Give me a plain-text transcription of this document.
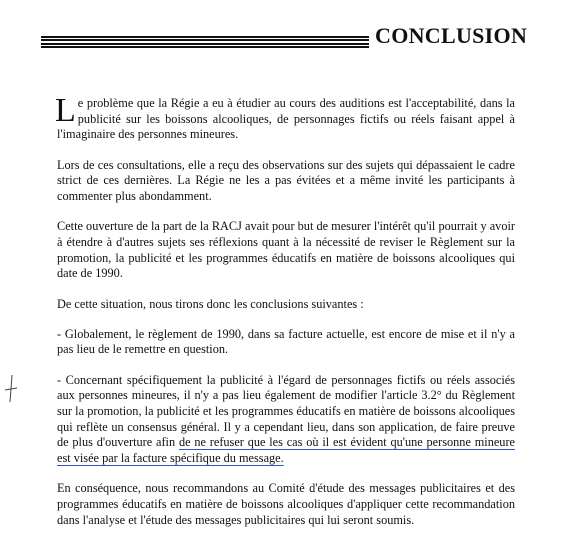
CONCLUSION

Le problème que la Régie a eu à étudier au cours des auditions est l'acceptabilité, dans la publicité sur les boissons alcooliques, de personnages fictifs ou réels faisant appel à l'imaginaire des personnes mineures.

Lors de ces consultations, elle a reçu des observations sur des sujets qui dépassaient le cadre strict de ces dernières. La Régie ne les a pas évitées et a même invité les participants à commenter plus abondamment.

Cette ouverture de la part de la RACJ avait pour but de mesurer l'intérêt qu'il pourrait y avoir à étendre à d'autres sujets ses réflexions quant à la nécessité de reviser le Règlement sur la promotion, la publicité et les programmes éducatifs en matière de boissons alcooliques qui date de 1990.

De cette situation, nous tirons donc les conclusions suivantes :

- Globalement, le règlement de 1990, dans sa facture actuelle, est encore de mise et il n'y a pas lieu de le remettre en question.

- Concernant spécifiquement la publicité à l'égard de personnages fictifs ou réels associés aux personnes mineures, il n'y a pas lieu également de modifier l'article 3.2° du Règlement sur la promotion, la publicité et les programmes éducatifs en matière de boissons alcooliques qui reflète un consensus général. Il y a cependant lieu, dans son application, de faire preuve de plus d'ouverture afin de ne refuser que les cas où il est évident qu'une personne mineure est visée par la facture spécifique du message.

En conséquence, nous recommandons au Comité d'étude des messages publicitaires et des programmes éducatifs en matière de boissons alcooliques d'appliquer cette recommandation dans l'analyse et l'étude des messages publicitaires qui lui seront soumis.
